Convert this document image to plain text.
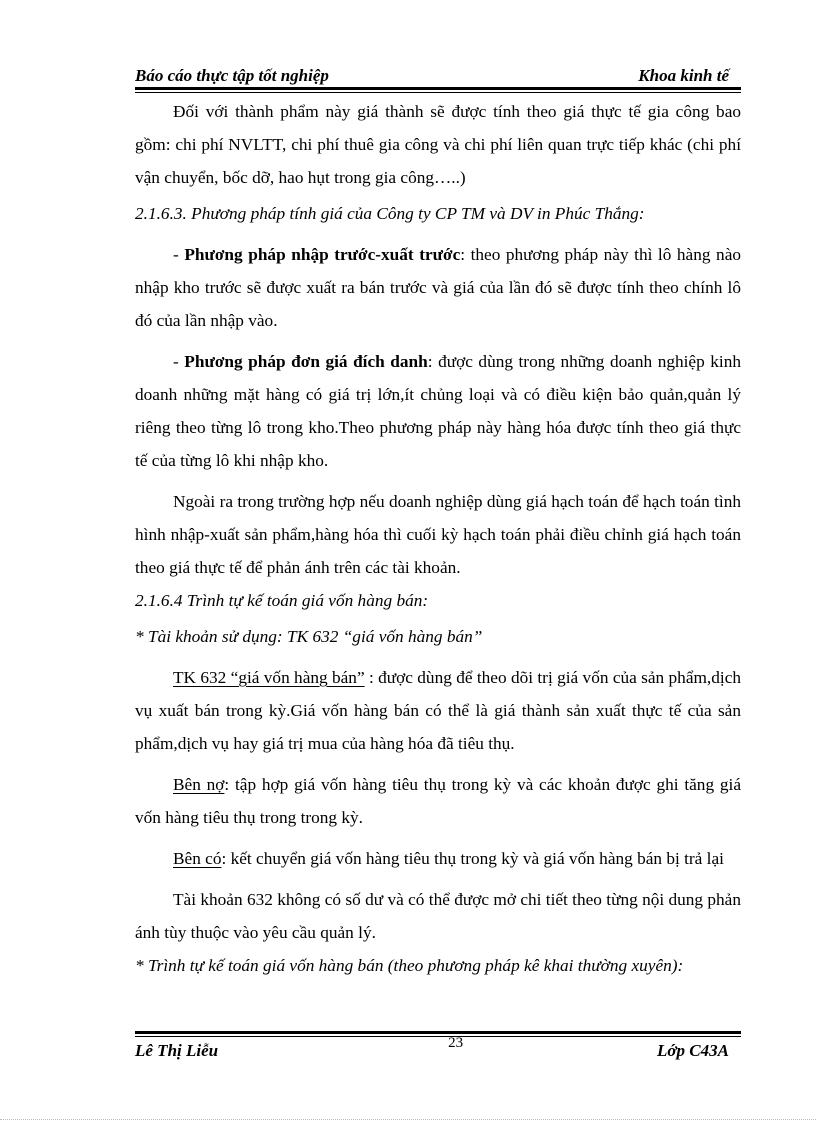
Báo cáo thực tập tốt nghiệp	Khoa kinh tế

Đối với thành phẩm này giá thành sẽ được tính theo giá thực tế gia công bao gồm: chi phí NVLTT, chi phí thuê gia công và chi phí liên quan trực tiếp khác (chi phí vận chuyển, bốc dỡ, hao hụt trong gia công…..)

2.1.6.3. Phương pháp tính giá của Công ty CP TM và DV in Phúc Thắng:

- Phương pháp nhập trước-xuất trước: theo phương pháp này thì lô hàng nào nhập kho trước sẽ được xuất ra bán trước và giá của lần đó sẽ được tính theo chính lô đó của lần nhập vào.

- Phương pháp đơn giá đích danh: được dùng trong những doanh nghiệp kinh doanh những mặt hàng có giá trị lớn,ít chủng loại và có điều kiện bảo quản,quản lý riêng theo từng lô trong kho.Theo phương pháp này hàng hóa được tính theo giá thực tế của từng lô khi nhập kho.

Ngoài ra trong trường hợp nếu doanh nghiệp dùng giá hạch toán để hạch toán tình hình nhập-xuất sản phẩm,hàng hóa thì cuối kỳ hạch toán phải điều chỉnh giá hạch toán theo giá thực tế để phản ánh trên các tài khoản.

2.1.6.4 Trình tự kế toán giá vốn hàng bán:
* Tài khoản sử dụng: TK 632 “giá vốn hàng bán”

TK 632 “giá vốn hàng bán” : được dùng để theo dõi trị giá vốn của sản phẩm,dịch vụ xuất bán trong kỳ.Giá vốn hàng bán có thể là giá thành sản xuất thực tế của sản phẩm,dịch vụ hay giá trị mua của hàng hóa đã tiêu thụ.

Bên nợ: tập hợp giá vốn hàng tiêu thụ trong kỳ và các khoản được ghi tăng giá vốn hàng tiêu thụ trong trong kỳ.

Bên có: kết chuyển giá vốn hàng tiêu thụ trong kỳ và giá vốn hàng bán bị trả lại

Tài khoản 632 không có số dư và có thể được mở chi tiết theo từng nội dung phản ánh tùy thuộc vào yêu cầu quản lý.

* Trình tự kế toán giá vốn hàng bán (theo phương pháp kê khai thường xuyên):
Lê Thị Liễu	23	Lớp C43A
